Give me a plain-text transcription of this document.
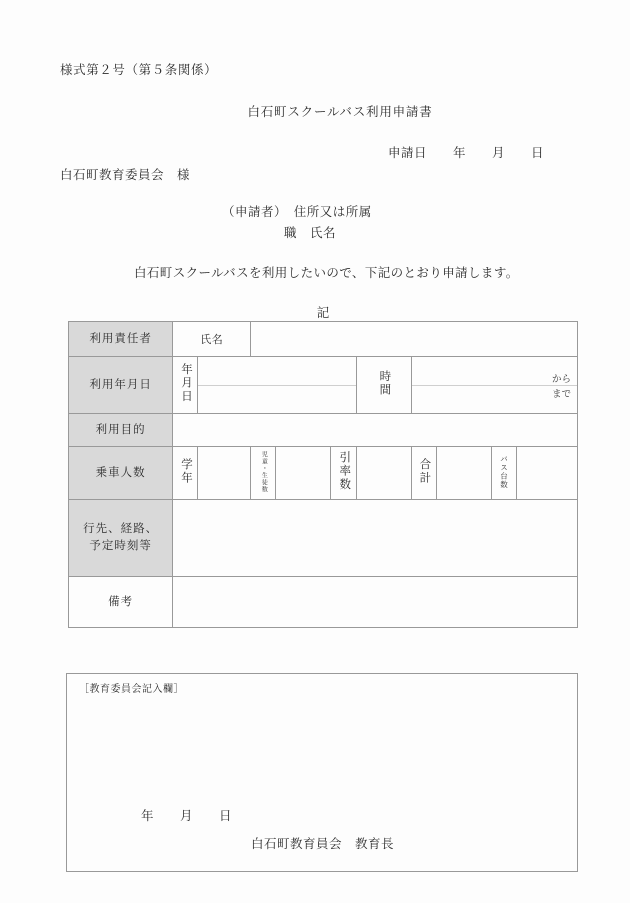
様式第２号（第５条関係）
白石町スクールバス利用申請書
申請日 年 月 日
白石町教育委員会　様
（申請者）　住所又は所属
職　氏名
白石町スクールバスを利用したいので、下記のとおり申請します。
記
利用責任者	氏名	
利用年月日	年月日		時間		から
まで

利用目的	
乗車人数	学年		児童・生徒数		引率数		合計		バス台数	

行先、経路、
予定時刻等

備考	
［教育委員会記入欄］
年 月 日
白石町教育員会　教育長
